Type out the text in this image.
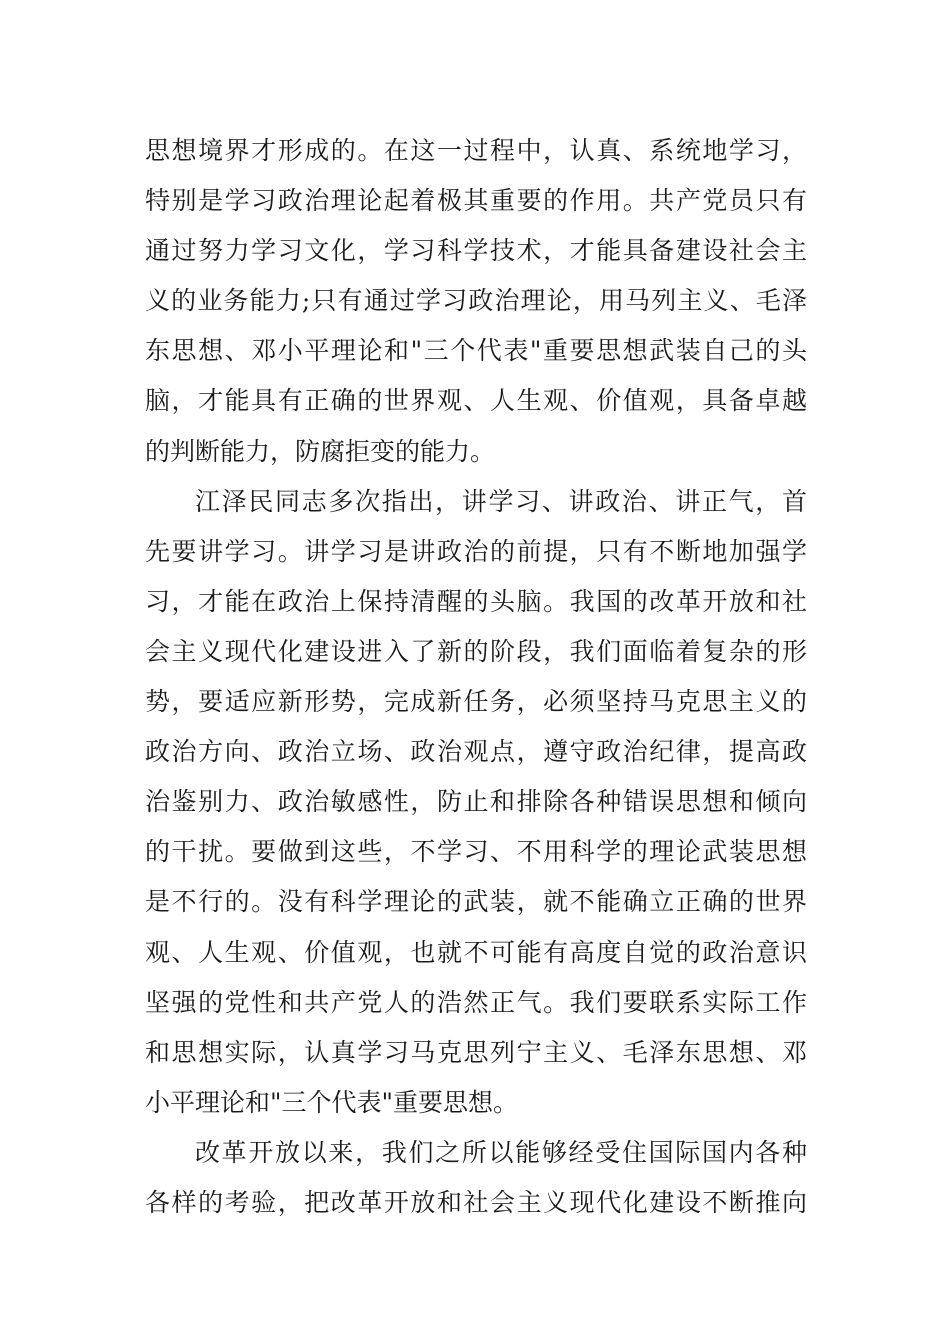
思想境界才形成的。在这一过程中，认真、系统地学习，
特别是学习政治理论起着极其重要的作用。共产党员只有
通过努力学习文化，学习科学技术，才能具备建设社会主
义的业务能力;只有通过学习政治理论，用马列主义、毛泽
东思想、邓小平理论和"三个代表"重要思想武装自己的头
脑，才能具有正确的世界观、人生观、价值观，具备卓越
的判断能力，防腐拒变的能力。
江泽民同志多次指出，讲学习、讲政治、讲正气，首
先要讲学习。讲学习是讲政治的前提，只有不断地加强学
习，才能在政治上保持清醒的头脑。我国的改革开放和社
会主义现代化建设进入了新的阶段，我们面临着复杂的形
势，要适应新形势，完成新任务，必须坚持马克思主义的
政治方向、政治立场、政治观点，遵守政治纪律，提高政
治鉴别力、政治敏感性，防止和排除各种错误思想和倾向
的干扰。要做到这些，不学习、不用科学的理论武装思想
是不行的。没有科学理论的武装，就不能确立正确的世界
观、人生观、价值观，也就不可能有高度自觉的政治意识
坚强的党性和共产党人的浩然正气。我们要联系实际工作
和思想实际，认真学习马克思列宁主义、毛泽东思想、邓
小平理论和"三个代表"重要思想。
改革开放以来，我们之所以能够经受住国际国内各种
各样的考验，把改革开放和社会主义现代化建设不断推向
